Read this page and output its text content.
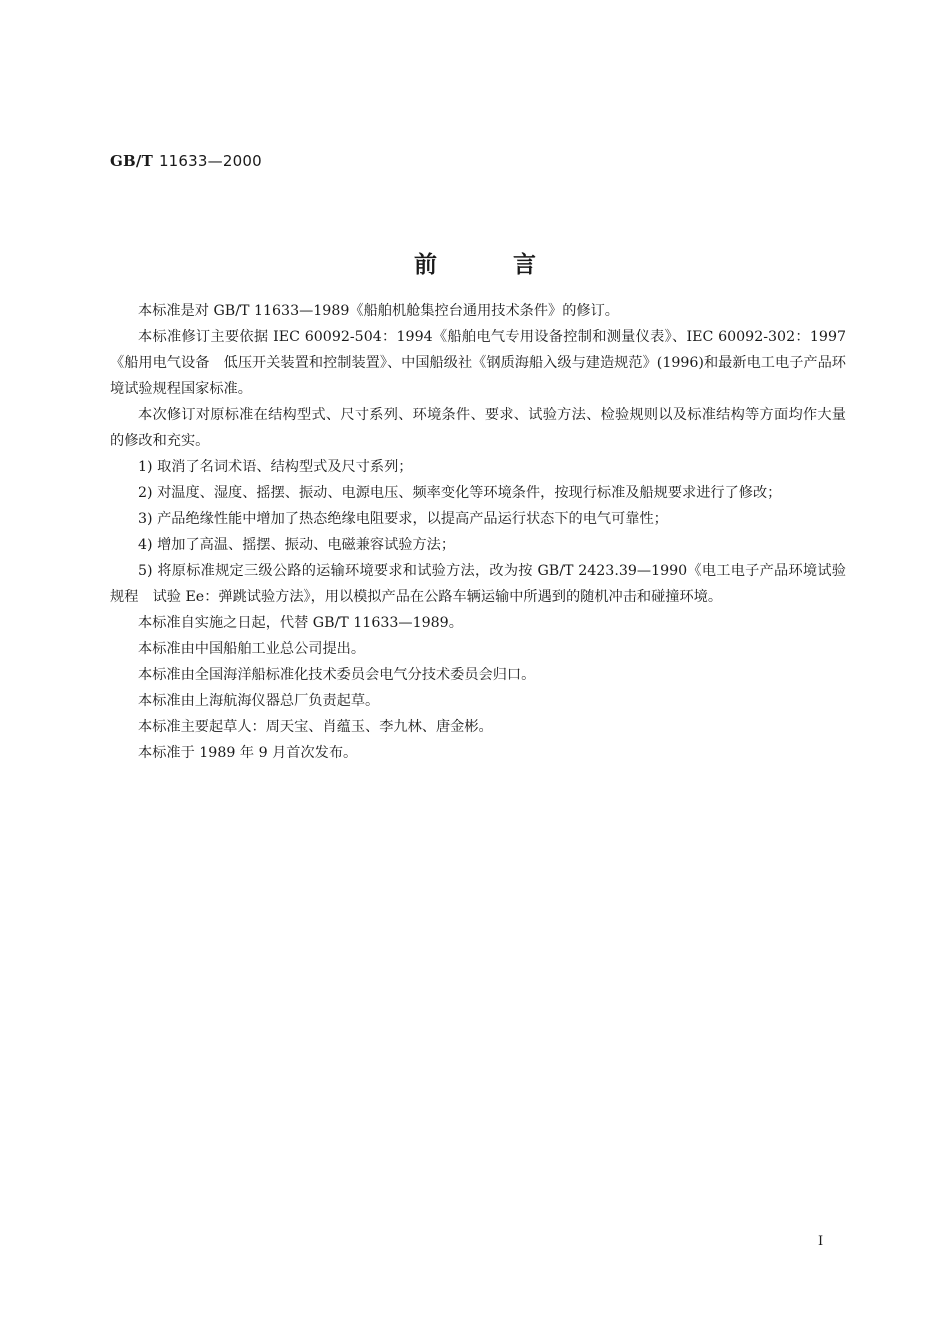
GB/T 11633—2000
前言

本标准是对 GB/T 11633—1989《船舶机舱集控台通用技术条件》的修订。

本标准修订主要依据 IEC 60092-504：1994《船舶电气专用设备控制和测量仪表》、IEC 60092-302：1997《船用电气设备　低压开关装置和控制装置》、中国船级社《钢质海船入级与建造规范》(1996)和最新电工电子产品环境试验规程国家标准。

本次修订对原标准在结构型式、尺寸系列、环境条件、要求、试验方法、检验规则以及标准结构等方面均作大量的修改和充实。

1) 取消了名词术语、结构型式及尺寸系列；

2) 对温度、湿度、摇摆、振动、电源电压、频率变化等环境条件，按现行标准及船规要求进行了修改；

3) 产品绝缘性能中增加了热态绝缘电阻要求，以提高产品运行状态下的电气可靠性；

4) 增加了高温、摇摆、振动、电磁兼容试验方法；

5) 将原标准规定三级公路的运输环境要求和试验方法，改为按 GB/T 2423.39—1990《电工电子产品环境试验规程　试验 Ee：弹跳试验方法》，用以模拟产品在公路车辆运输中所遇到的随机冲击和碰撞环境。

本标准自实施之日起，代替 GB/T 11633—1989。

本标准由中国船舶工业总公司提出。

本标准由全国海洋船标准化技术委员会电气分技术委员会归口。

本标准由上海航海仪器总厂负责起草。

本标准主要起草人：周天宝、肖蕴玉、李九林、唐金彬。

本标准于 1989 年 9 月首次发布。

I
